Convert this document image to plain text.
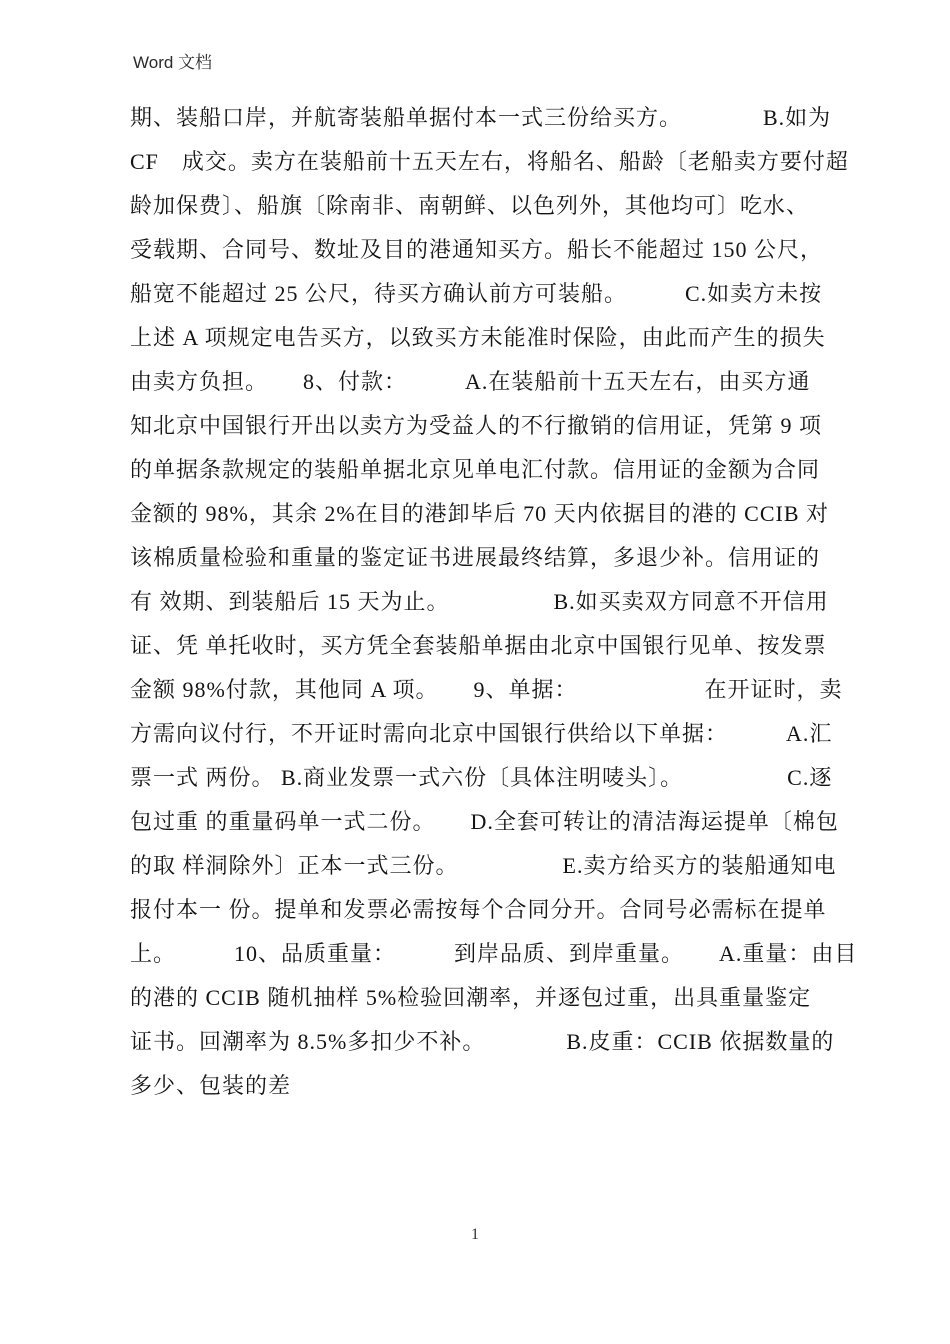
Word 文档
期、装船口岸，并航寄装船单据付本一式三份给买方。　　　　B.如为
CF　成交。卖方在装船前十五天左右，将船名、船龄〔老船卖方要付超
龄加保费〕、船旗〔除南非、南朝鲜、以色列外，其他均可〕吃水、
受载期、合同号、数址及目的港通知买方。船长不能超过 150 公尺，
船宽不能超过 25 公尺，待买方确认前方可装船。　　　C.如卖方未按
上述 A 项规定电告买方，以致买方未能准时保险，由此而产生的损失
由卖方负担。　　8、付款：　　　A.在装船前十五天左右，由买方通
知北京中国银行开出以卖方为受益人的不行撤销的信用证，凭第 9 项
的单据条款规定的装船单据北京见单电汇付款。信用证的金额为合同
金额的 98%，其余 2%在目的港卸毕后 70 天内依据目的港的 CCIB 对
该棉质量检验和重量的鉴定证书进展最终结算，多退少补。信用证的
有 效期、到装船后 15 天为止。　　　　　B.如买卖双方同意不开信用
证、凭 单托收时，买方凭全套装船单据由北京中国银行见单、按发票
金额 98%付款，其他同 A 项。　　9、单据：　　　　　　在开证时，卖
方需向议付行，不开证时需向北京中国银行供给以下单据：　　　A.汇
票一式 两份。 B.商业发票一式六份〔具体注明唛头〕。　　　　　C.逐
包过重 的重量码单一式二份。　　D.全套可转让的清洁海运提单〔棉包
的取 样洞除外〕正本一式三份。　　　　　E.卖方给买方的装船通知电
报付本一 份。提单和发票必需按每个合同分开。合同号必需标在提单
上。　　　10、品质重量：　　　到岸品质、到岸重量。　　A.重量：由目
的港的 CCIB 随机抽样 5%检验回潮率，并逐包过重，出具重量鉴定
证书。回潮率为 8.5%多扣少不补。　　　　B.皮重：CCIB 依据数量的
多少、包装的差
1
